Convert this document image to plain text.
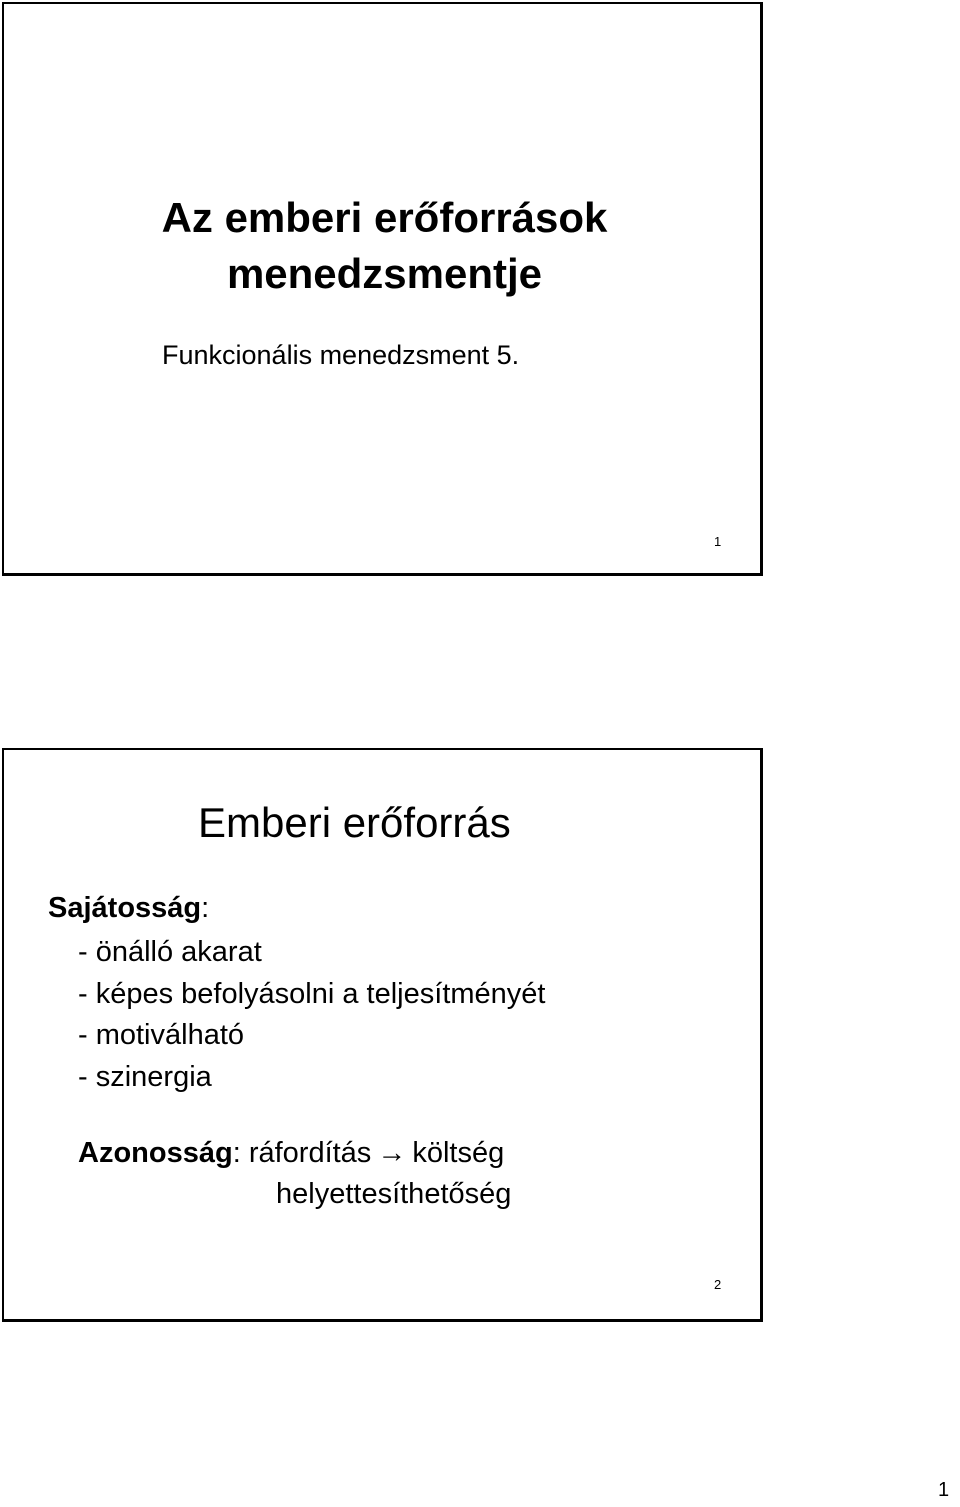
Az emberi erőforrások
menedzsmentje
Funkcionális menedzsment 5.
1
Emberi erőforrás
Sajátosság:
- önálló akarat
- képes befolyásolni a teljesítményét
- motiválható
- szinergia
Azonosság: ráfordítás → költség
helyettesíthetőség
2
1
